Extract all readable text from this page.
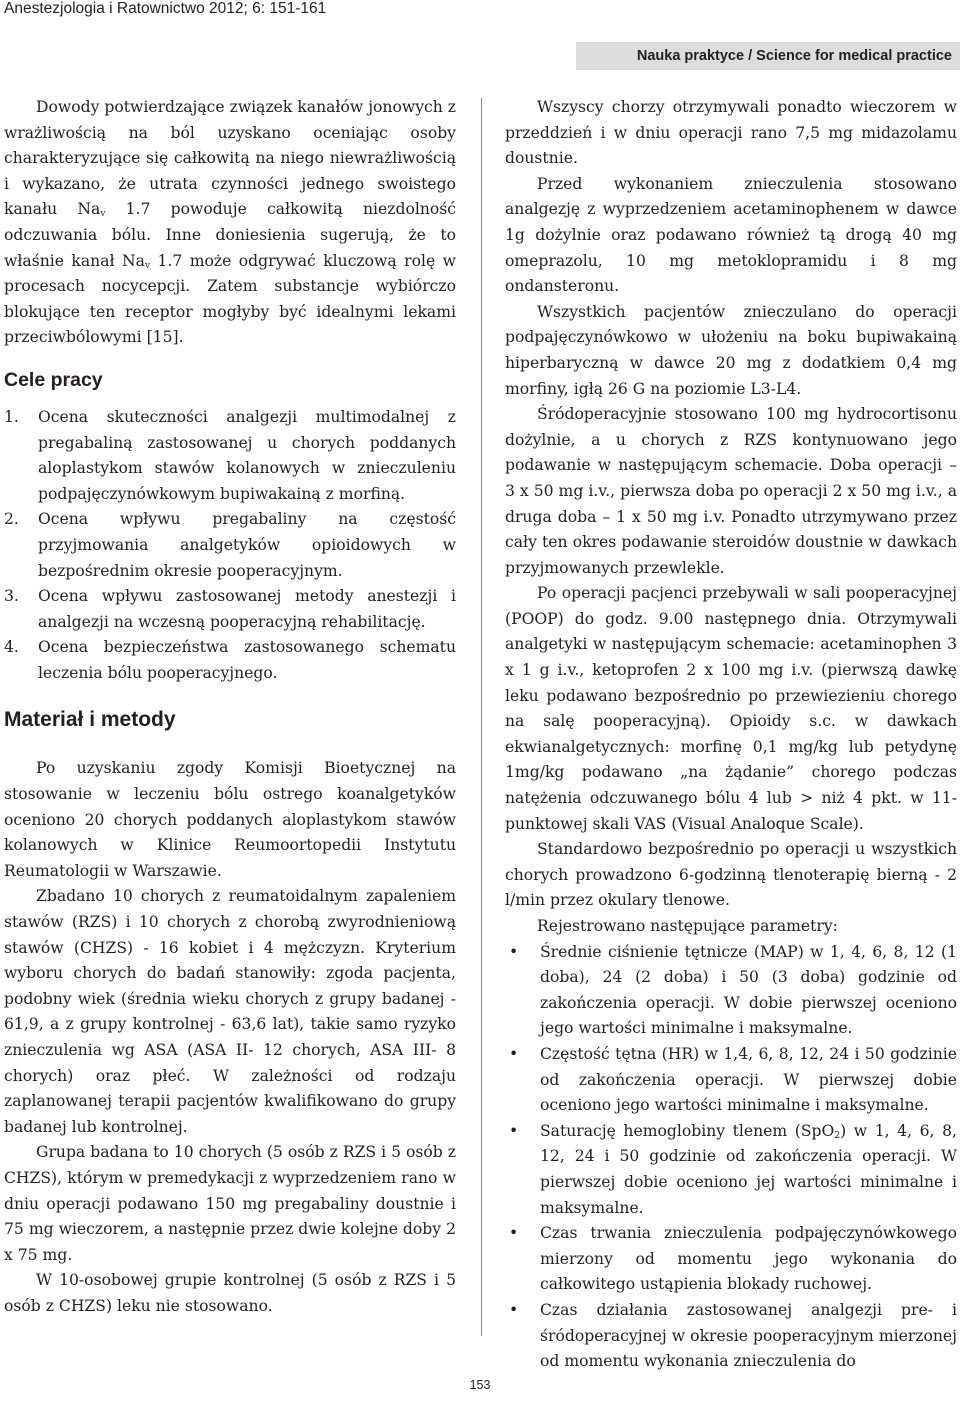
Anestezjologia i Ratownictwo 2012; 6: 151-161
Nauka praktyce / Science for medical practice

Dowody potwierdzające związek kanałów jonowych z wrażliwością na ból uzyskano oceniając osoby charakteryzujące się całkowitą na niego niewrażliwością i wykazano, że utrata czynności jednego swoistego kanału $Na_v$ 1.7 powoduje całkowitą niezdolność odczuwania bólu. Inne doniesienia sugerują, że to właśnie kanał $Na_v$ 1.7 może odgrywać kluczową rolę w procesach nocycepcji. Zatem substancje wybiórczo blokujące ten receptor mogłyby być idealnymi lekami przeciwbólowymi [15].

Cele pracy
1. Ocena skuteczności analgezji multimodalnej z pregabaliną zastosowanej u chorych poddanych aloplastykom stawów kolanowych w znieczuleniu podpajęczynówkowym bupiwakainą z morfiną.
2. Ocena wpływu pregabaliny na częstość przyjmowania analgetyków opioidowych w bezpośrednim okresie pooperacyjnym.
3. Ocena wpływu zastosowanej metody anestezji i analgezji na wczesną pooperacyjną rehabilitację.
4. Ocena bezpieczeństwa zastosowanego schematu leczenia bólu pooperacyjnego.
Materiał i metody

Po uzyskaniu zgody Komisji Bioetycznej na stosowanie w leczeniu bólu ostrego koanalgetyków oceniono 20 chorych poddanych aloplastykom stawów kolanowych w Klinice Reumoortopedii Instytutu Reumatologii w Warszawie.

Zbadano 10 chorych z reumatoidalnym zapaleniem stawów (RZS) i 10 chorych z chorobą zwyrodnieniową stawów (CHZS) - 16 kobiet i 4 mężczyzn. Kryterium wyboru chorych do badań stanowiły: zgoda pacjenta, podobny wiek (średnia wieku chorych z grupy badanej - 61,9, a z grupy kontrolnej - 63,6 lat), takie samo ryzyko znieczulenia wg ASA (ASA II- 12 chorych, ASA III- 8 chorych) oraz płeć. W zależności od rodzaju zaplanowanej terapii pacjentów kwalifikowano do grupy badanej lub kontrolnej.

Grupa badana to 10 chorych (5 osób z RZS i 5 osób z CHZS), którym w premedykacji z wyprzedzeniem rano w dniu operacji podawano 150 mg pregabaliny doustnie i 75 mg wieczorem, a następnie przez dwie kolejne doby 2 x 75 mg.

W 10-osobowej grupie kontrolnej (5 osób z RZS i 5 osób z CHZS) leku nie stosowano.

Wszyscy chorzy otrzymywali ponadto wieczorem w przeddzień i w dniu operacji rano 7,5 mg midazolamu doustnie.

Przed wykonaniem znieczulenia stosowano analgezję z wyprzedzeniem acetaminophenem w dawce 1g dożylnie oraz podawano również tą drogą 40 mg omeprazolu, 10 mg metoklopramidu i 8 mg ondansteronu.

Wszystkich pacjentów znieczulano do operacji podpajęczynówkowo w ułożeniu na boku bupiwakainą hiperbaryczną w dawce 20 mg z dodatkiem 0,4 mg morfiny, igłą 26 G na poziomie L3-L4.

Śródoperacyjnie stosowano 100 mg hydrocortisonu dożylnie, a u chorych z RZS kontynuowano jego podawanie w następującym schemacie. Doba operacji – 3 x 50 mg i.v., pierwsza doba po operacji 2 x 50 mg i.v., a druga doba – 1 x 50 mg i.v. Ponadto utrzymywano przez cały ten okres podawanie steroidów doustnie w dawkach przyjmowanych przewlekle.

Po operacji pacjenci przebywali w sali pooperacyjnej (POOP) do godz. 9.00 następnego dnia. Otrzymywali analgetyki w następującym schemacie: acetaminophen 3 x 1 g i.v., ketoprofen 2 x 100 mg i.v. (pierwszą dawkę leku podawano bezpośrednio po przewiezieniu chorego na salę pooperacyjną). Opioidy s.c. w dawkach ekwianalgetycznych: morfinę 0,1 mg/kg lub petydynę 1mg/kg podawano „na żądanie” chorego podczas natężenia odczuwanego bólu 4 lub > niż 4 pkt. w 11-punktowej skali VAS (Visual Analoque Scale).

Standardowo bezpośrednio po operacji u wszystkich chorych prowadzono 6-godzinną tlenoterapię bierną - 2 l/min przez okulary tlenowe.

Rejestrowano następujące parametry:

• Średnie ciśnienie tętnicze (MAP) w 1, 4, 6, 8, 12 (1 doba), 24 (2 doba) i 50 (3 doba) godzinie od zakończenia operacji. W dobie pierwszej oceniono jego wartości minimalne i maksymalne.
• Częstość tętna (HR) w 1,4, 6, 8, 12, 24 i 50 godzinie od zakończenia operacji. W pierwszej dobie oceniono jego wartości minimalne i maksymalne.
• Saturację hemoglobiny tlenem (SpO$_2$) w 1, 4, 6, 8, 12, 24 i 50 godzinie od zakończenia operacji. W pierwszej dobie oceniono jej wartości minimalne i maksymalne.
• Czas trwania znieczulenia podpajęczynówkowego mierzony od momentu jego wykonania do całkowitego ustąpienia blokady ruchowej.
• Czas działania zastosowanej analgezji pre- i śródoperacyjnej w okresie pooperacyjnym mierzonej od momentu wykonania znieczulenia do
153
